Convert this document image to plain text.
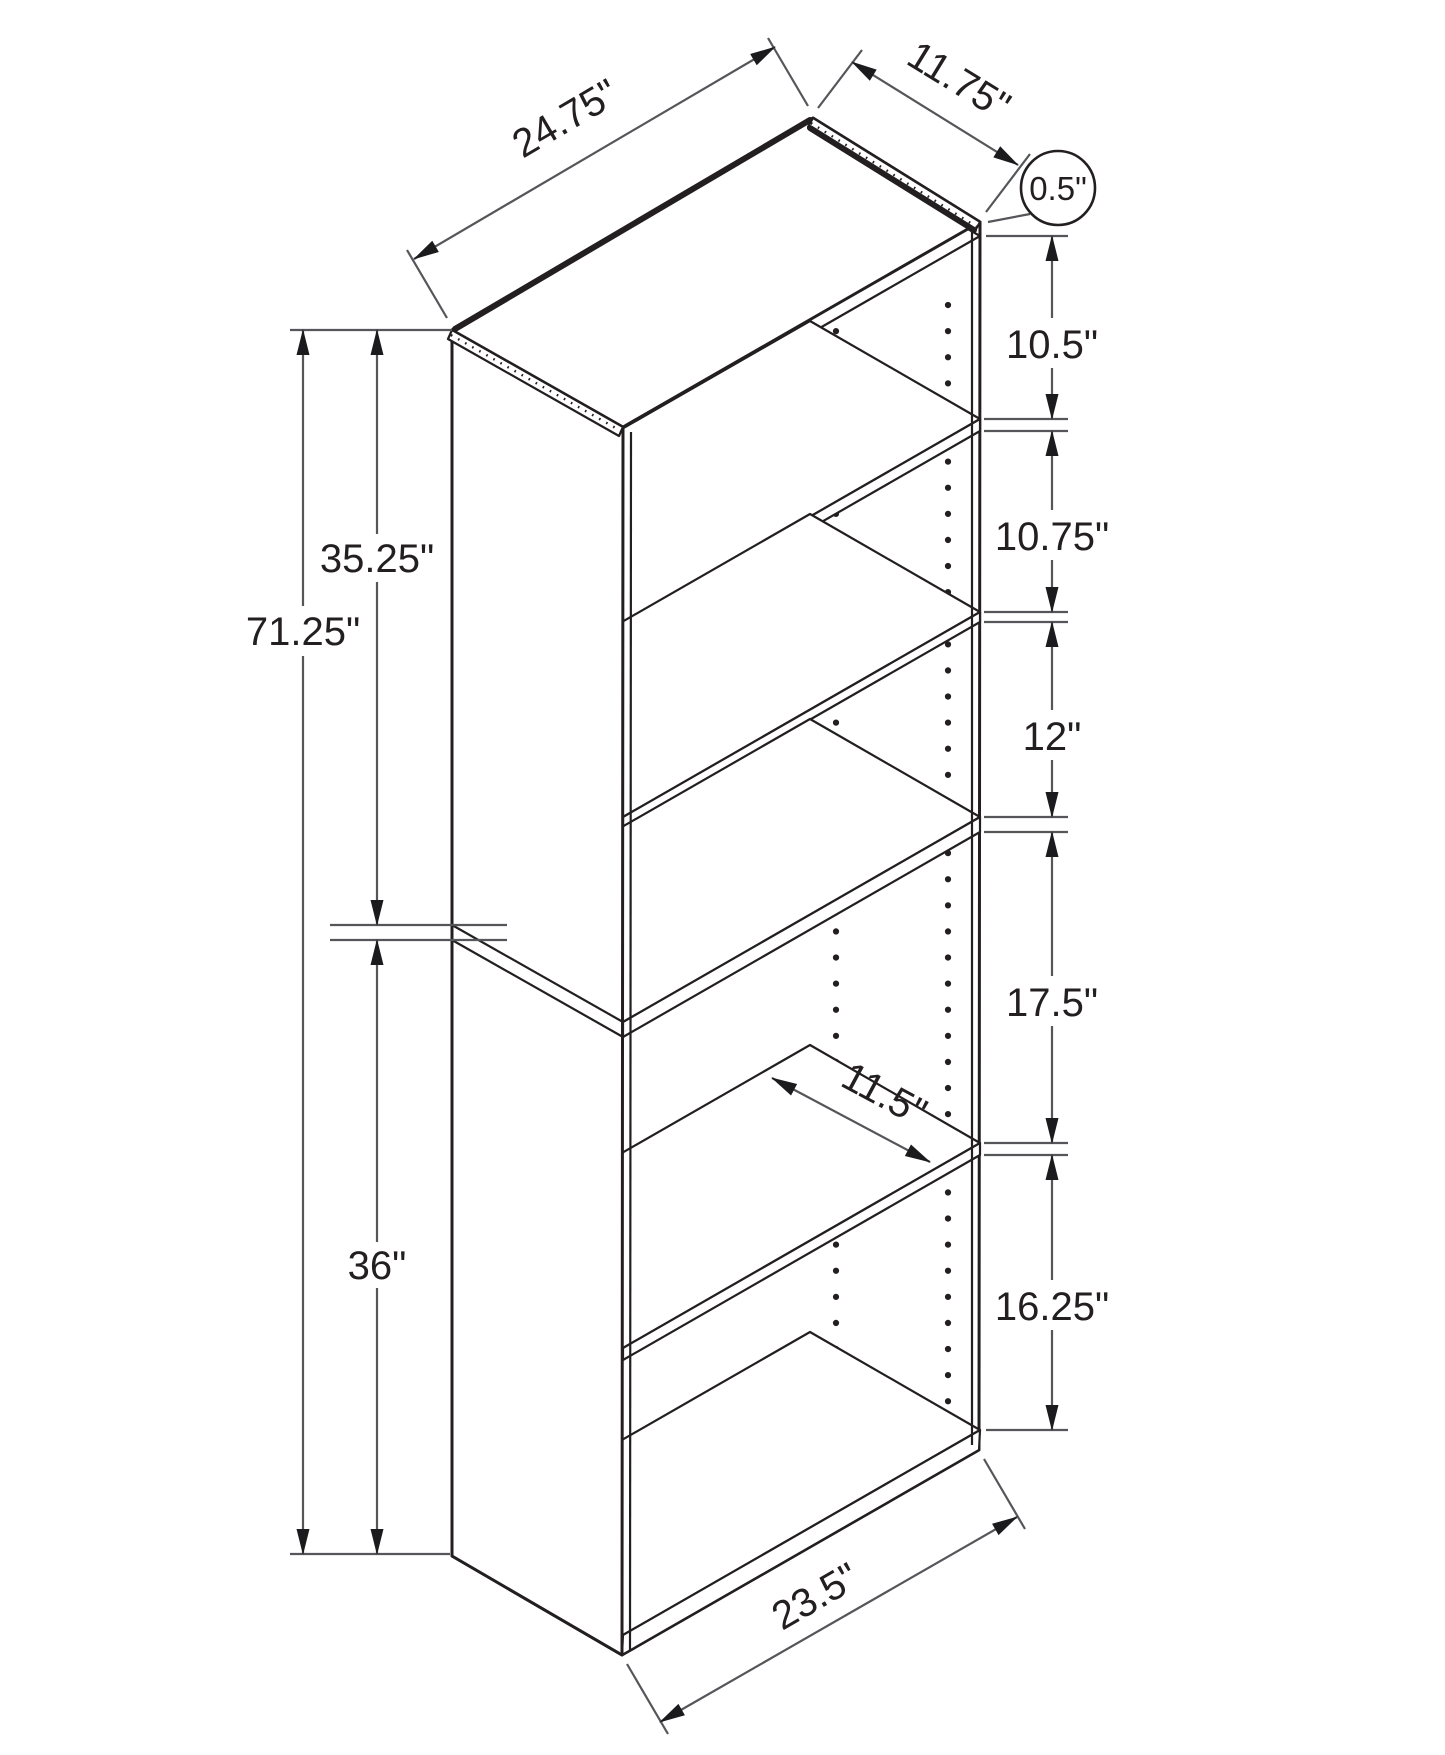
71.25"
35.25"
36"
10.5"
10.75"
12"
17.5"
16.25"
24.75"	11.75"
0.5"
11.5"
23.5"
